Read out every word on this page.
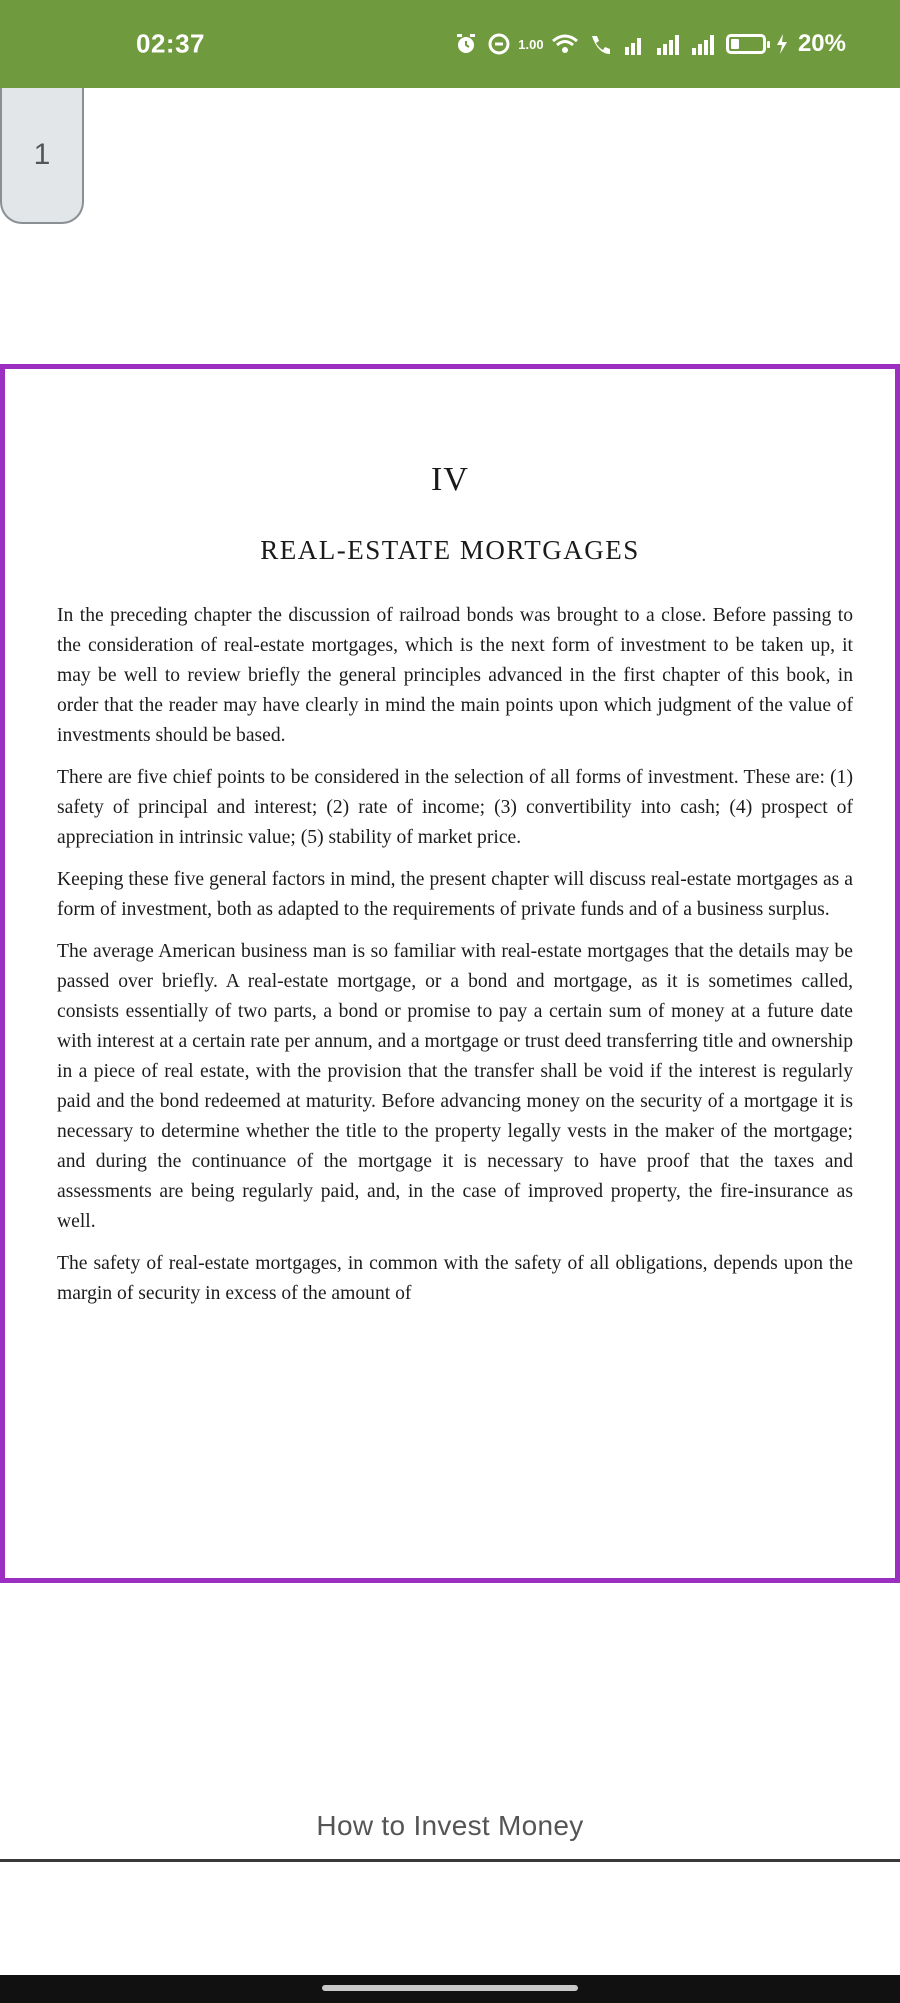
02:37	1.00	20%
1
IV
REAL-ESTATE MORTGAGES

In the preceding chapter the discussion of railroad bonds was brought to a close. Before passing to the consideration of real-estate mortgages, which is the next form of investment to be taken up, it may be well to review briefly the general principles advanced in the first chapter of this book, in order that the reader may have clearly in mind the main points upon which judgment of the value of investments should be based.

There are five chief points to be considered in the selection of all forms of investment. These are: (1) safety of principal and interest; (2) rate of income; (3) convertibility into cash; (4) prospect of appreciation in intrinsic value; (5) stability of market price.

Keeping these five general factors in mind, the present chapter will discuss real-estate mortgages as a form of investment, both as adapted to the requirements of private funds and of a business surplus.

The average American business man is so familiar with real-estate mortgages that the details may be passed over briefly. A real-estate mortgage, or a bond and mortgage, as it is sometimes called, consists essentially of two parts, a bond or promise to pay a certain sum of money at a future date with interest at a certain rate per annum, and a mortgage or trust deed transferring title and ownership in a piece of real estate, with the provision that the transfer shall be void if the interest is regularly paid and the bond redeemed at maturity. Before advancing money on the security of a mortgage it is necessary to determine whether the title to the property legally vests in the maker of the mortgage; and during the continuance of the mortgage it is necessary to have proof that the taxes and assessments are being regularly paid, and, in the case of improved property, the fire-insurance as well.

The safety of real-estate mortgages, in common with the safety of all obligations, depends upon the margin of security in excess of the amount of

How to Invest Money
